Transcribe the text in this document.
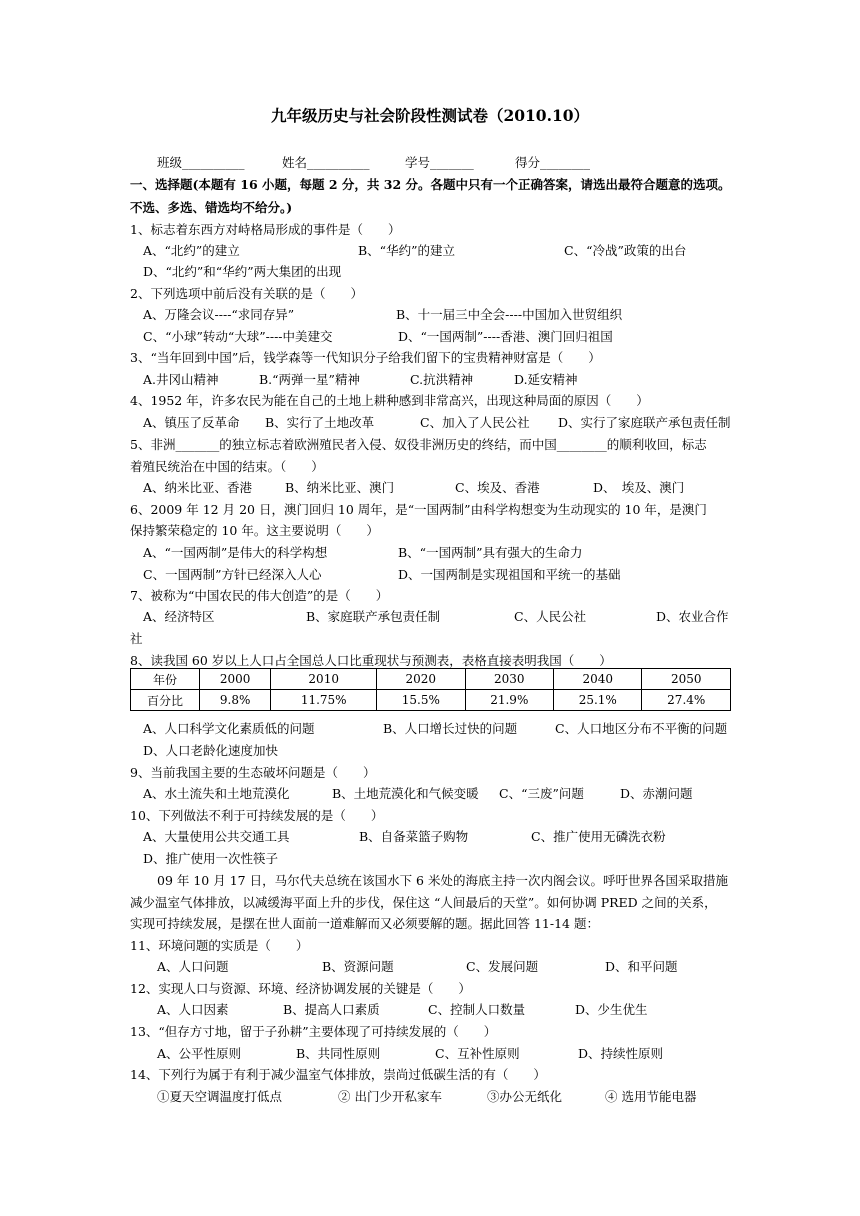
九年级历史与社会阶段性测试卷（2010.10）
班级__________	姓名__________	学号_______	得分________
一、选择题(本题有 16 小题，每题 2 分，共 32 分。各题中只有一个正确答案，请选出最符合题意的选项。
不选、多选、错选均不给分。)
1、标志着东西方对峙格局形成的事件是（　　）
A、“北约”的建立	B、“华约”的建立	C、“冷战”政策的出台
D、“北约”和“华约”两大集团的出现
2、下列选项中前后没有关联的是（　　）
A、万隆会议----“求同存异”	B、十一届三中全会----中国加入世贸组织
C、“小球”转动“大球”----中美建交	D、“一国两制”----香港、澳门回归祖国
3、“当年回到中国”后，钱学森等一代知识分子给我们留下的宝贵精神财富是（　　）
A.井冈山精神	B.“两弹一星”精神	C.抗洪精神	D.延安精神
4、1952 年，许多农民为能在自己的土地上耕种感到非常高兴，出现这种局面的原因（　　）
A、镇压了反革命 B、实行了土地改革	C、加入了人民公社 D、实行了家庭联产承包责任制
5、非洲_______的独立标志着欧洲殖民者入侵、奴役非洲历史的终结，而中国________的顺利收回，标志
着殖民统治在中国的结束。（　　）
A、纳米比亚、香港	B、纳米比亚、澳门	C、埃及、香港	D、　埃及、澳门
6、2009 年 12 月 20 日，澳门回归 10 周年，是“一国两制”由科学构想变为生动现实的 10 年，是澳门
保持繁荣稳定的 10 年。这主要说明（　　）
A、“一国两制”是伟大的科学构想	B、“一国两制”具有强大的生命力
C、一国两制”方针已经深入人心	D、一国两制是实现祖国和平统一的基础
7、被称为“中国农民的伟大创造”的是（　　）
A、经济特区	B、家庭联产承包责任制	C、人民公社	D、农业合作
社
8、读我国 60 岁以上人口占全国总人口比重现状与预测表，表格直接表明我国（　　）
年份	2000	2010	2020	2030	2040	2050
百分比	9.8%	11.75%	15.5%	21.9%	25.1%	27.4%
A、人口科学文化素质低的问题	B、人口增长过快的问题	C、人口地区分布不平衡的问题
D、人口老龄化速度加快
9、当前我国主要的生态破坏问题是（　　）
A、水土流失和土地荒漠化	B、土地荒漠化和气候变暖 C、“三废”问题	D、赤潮问题
10、下列做法不利于可持续发展的是（　　）
A、大量使用公共交通工具	B、自备菜篮子购物	C、推广使用无磷洗衣粉
D、推广使用一次性筷子
09 年 10 月 17 日，马尔代夫总统在该国水下 6 米处的海底主持一次内阁会议。呼吁世界各国采取措施
减少温室气体排放，以减缓海平面上升的步伐，保住这 “人间最后的天堂”。如何协调 PRED 之间的关系，
实现可持续发展，是摆在世人面前一道难解而又必须要解的题。据此回答 11-14 题：
11、环境问题的实质是（　　）
A、人口问题	B、资源问题	C、发展问题	D、和平问题
12、实现人口与资源、环境、经济协调发展的关键是（　　）
A、人口因素	B、提高人口素质	C、控制人口数量	D、少生优生
13、“但存方寸地，留于子孙耕”主要体现了可持续发展的（　　）
A、公平性原则	B、共同性原则	C、互补性原则	D、持续性原则
14、下列行为属于有利于减少温室气体排放，崇尚过低碳生活的有（　　）
①夏天空调温度打低点	② 出门少开私家车	③办公无纸化	④ 选用节能电器
